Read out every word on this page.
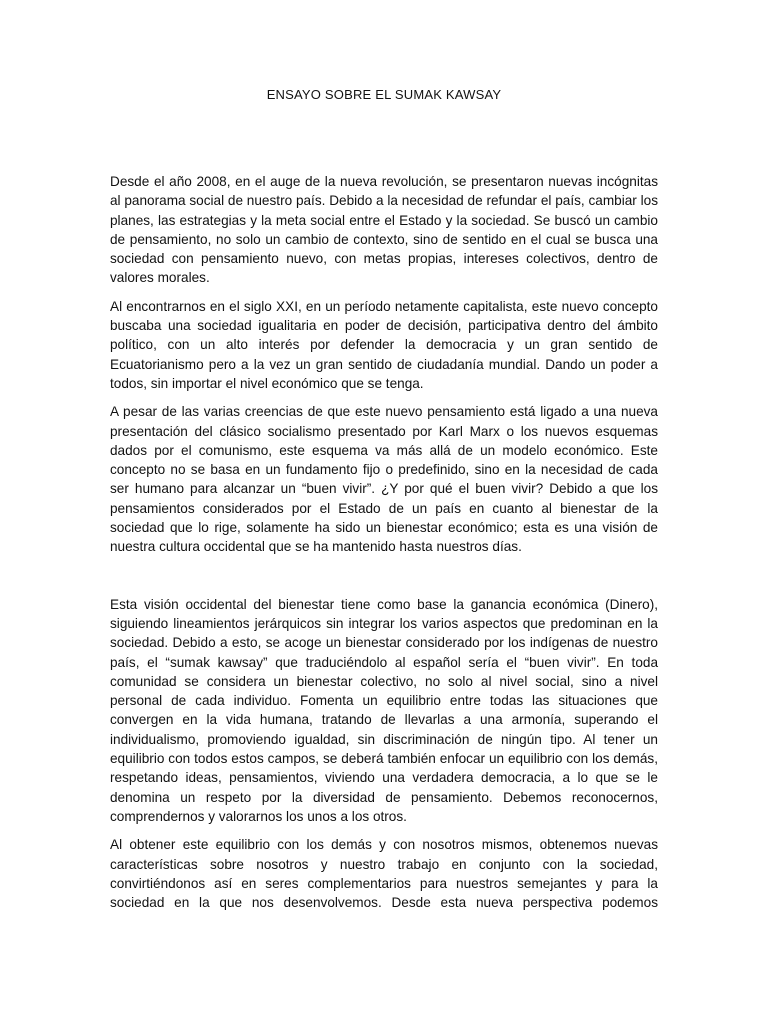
ENSAYO SOBRE EL SUMAK KAWSAY

Desde el año 2008, en el auge de la nueva revolución, se presentaron nuevas incógnitas al panorama social de nuestro país. Debido a la necesidad de refundar el país, cambiar los planes, las estrategias y la meta social entre el Estado y la sociedad. Se buscó un cambio de pensamiento, no solo un cambio de contexto, sino de sentido en el cual se busca una sociedad con pensamiento nuevo, con metas propias, intereses colectivos, dentro de valores morales.

Al encontrarnos en el siglo XXI, en un período netamente capitalista, este nuevo concepto buscaba una sociedad igualitaria en poder de decisión, participativa dentro del ámbito político, con un alto interés por defender la democracia y un gran sentido de Ecuatorianismo pero a la vez un gran sentido de ciudadanía mundial. Dando un poder a todos, sin importar el nivel económico que se tenga.

A pesar de las varias creencias de que este nuevo pensamiento está ligado a una nueva presentación del clásico socialismo presentado por Karl Marx o los nuevos esquemas dados por el comunismo, este esquema va más allá de un modelo económico. Este concepto no se basa en un fundamento fijo o predefinido, sino en la necesidad de cada ser humano para alcanzar un “buen vivir”. ¿Y por qué el buen vivir? Debido a que los pensamientos considerados por el Estado de un país en cuanto al bienestar de la sociedad que lo rige, solamente ha sido un bienestar económico; esta es una visión de nuestra cultura occidental que se ha mantenido hasta nuestros días.

Esta visión occidental del bienestar tiene como base la ganancia económica (Dinero), siguiendo lineamientos jerárquicos sin integrar los varios aspectos que predominan en la sociedad. Debido a esto, se acoge un bienestar considerado por los indígenas de nuestro país, el “sumak kawsay” que traduciéndolo al español sería el “buen vivir”. En toda comunidad se considera un bienestar colectivo, no solo al nivel social, sino a nivel personal de cada individuo. Fomenta un equilibrio entre todas las situaciones que convergen en la vida humana, tratando de llevarlas a una armonía, superando el individualismo, promoviendo igualdad, sin discriminación de ningún tipo. Al tener un equilibrio con todos estos campos, se deberá también enfocar un equilibrio con los demás, respetando ideas, pensamientos, viviendo una verdadera democracia, a lo que se le denomina un respeto por la diversidad de pensamiento. Debemos reconocernos, comprendernos y valorarnos los unos a los otros.

Al obtener este equilibrio con los demás y con nosotros mismos, obtenemos nuevas características sobre nosotros y nuestro trabajo en conjunto con la sociedad, convirtiéndonos así en seres complementarios para nuestros semejantes y para la sociedad en la que nos desenvolvemos. Desde esta nueva perspectiva podemos
